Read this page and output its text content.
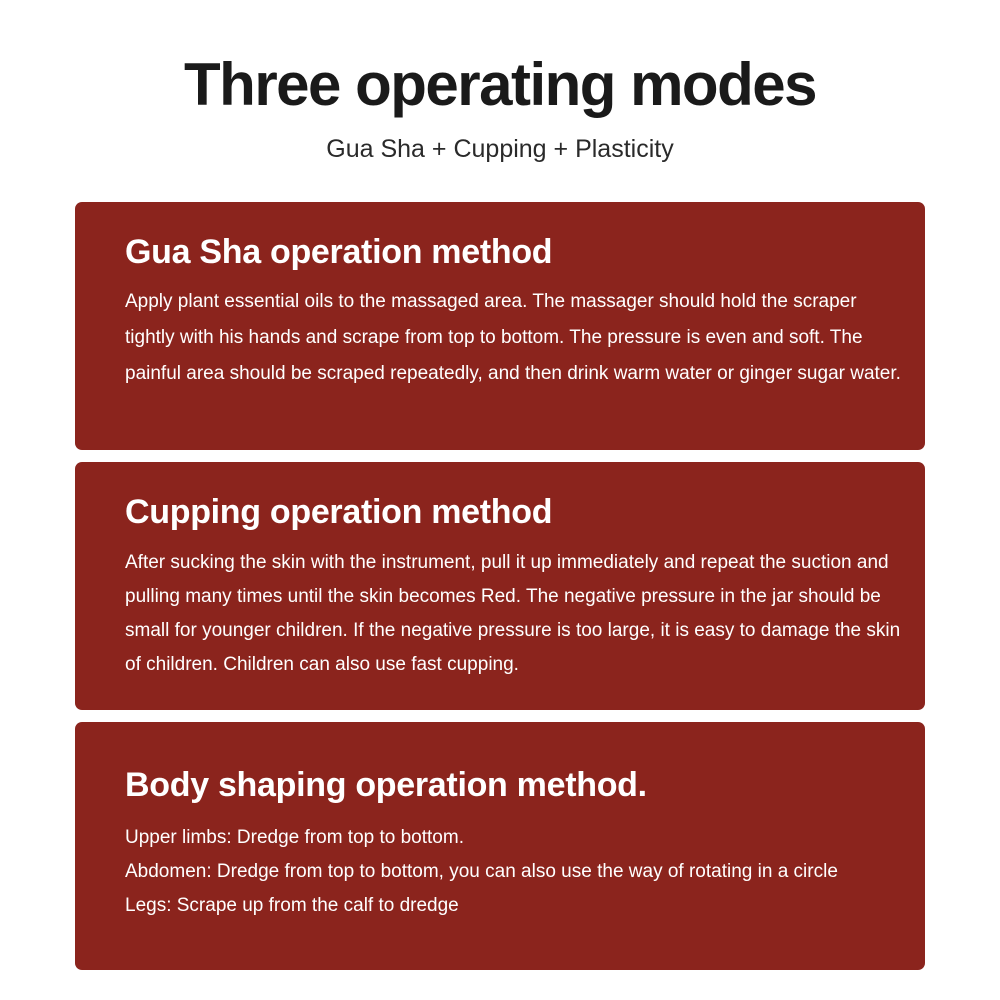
Three operating modes
Gua Sha + Cupping + Plasticity
Gua Sha operation method

Apply plant essential oils to the massaged area. The massager should hold the scraper tightly with his hands and scrape from top to bottom. The pressure is even and soft. The painful area should be scraped repeatedly, and then drink warm water or ginger sugar water.

Cupping operation method

After sucking the skin with the instrument, pull it up immediately and repeat the suction and pulling many times until the skin becomes Red. The negative pressure in the jar should be small for younger children. If the negative pressure is too large, it is easy to damage the skin of children. Children can also use fast cupping.

Body shaping operation method.

Upper limbs: Dredge from top to bottom.

Abdomen: Dredge from top to bottom, you can also use the way of rotating in a circle

Legs: Scrape up from the calf to dredge
